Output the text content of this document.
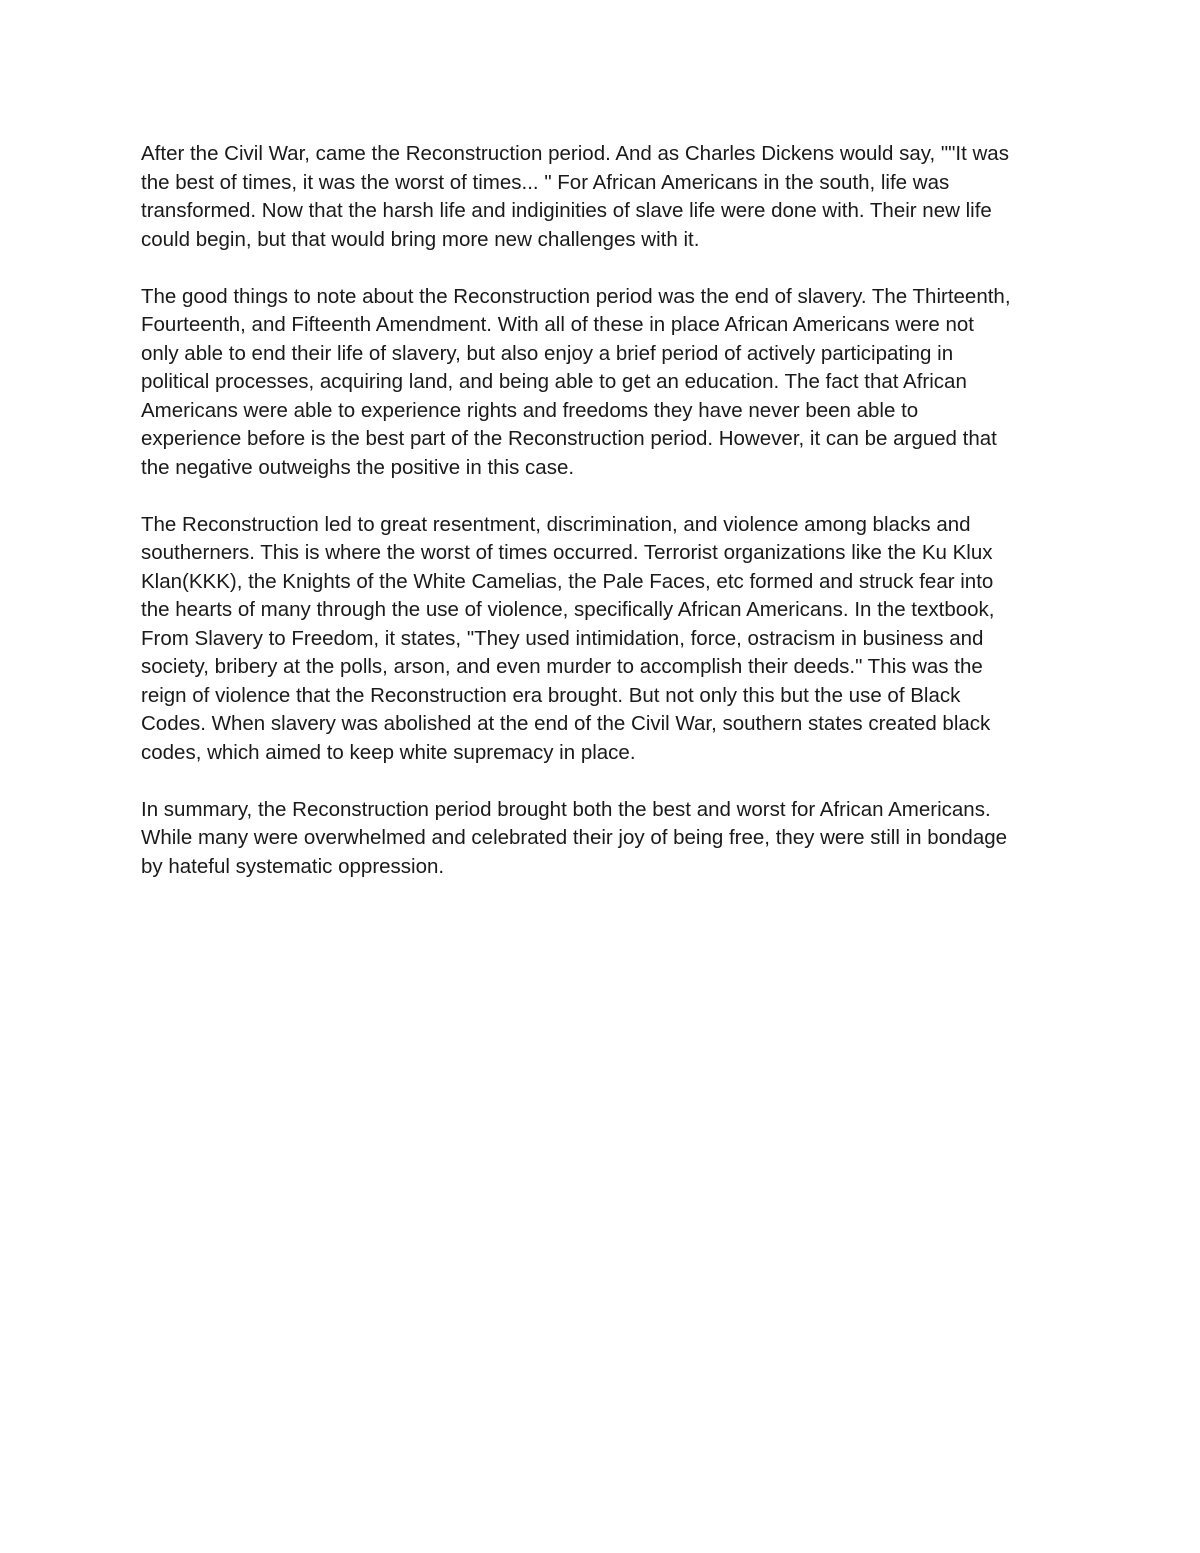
After the Civil War, came the Reconstruction period. And as Charles Dickens would say, ""It was
the best of times, it was the worst of times... " For African Americans in the south, life was
transformed. Now that the harsh life and indiginities of slave life were done with. Their new life
could begin, but that would bring more new challenges with it.
The good things to note about the Reconstruction period was the end of slavery. The Thirteenth,
Fourteenth, and Fifteenth Amendment. With all of these in place African Americans were not
only able to end their life of slavery, but also enjoy a brief period of actively participating in
political processes, acquiring land, and being able to get an education. The fact that African
Americans were able to experience rights and freedoms they have never been able to
experience before is the best part of the Reconstruction period. However, it can be argued that
the negative outweighs the positive in this case.
The Reconstruction led to great resentment, discrimination, and violence among blacks and
southerners. This is where the worst of times occurred. Terrorist organizations like the Ku Klux
Klan(KKK), the Knights of the White Camelias, the Pale Faces, etc formed and struck fear into
the hearts of many through the use of violence, specifically African Americans. In the textbook,
From Slavery to Freedom, it states, "They used intimidation, force, ostracism in business and
society, bribery at the polls, arson, and even murder to accomplish their deeds." This was the
reign of violence that the Reconstruction era brought. But not only this but the use of Black
Codes. When slavery was abolished at the end of the Civil War, southern states created black
codes, which aimed to keep white supremacy in place.
In summary, the Reconstruction period brought both the best and worst for African Americans.
While many were overwhelmed and celebrated their joy of being free, they were still in bondage
by hateful systematic oppression.
